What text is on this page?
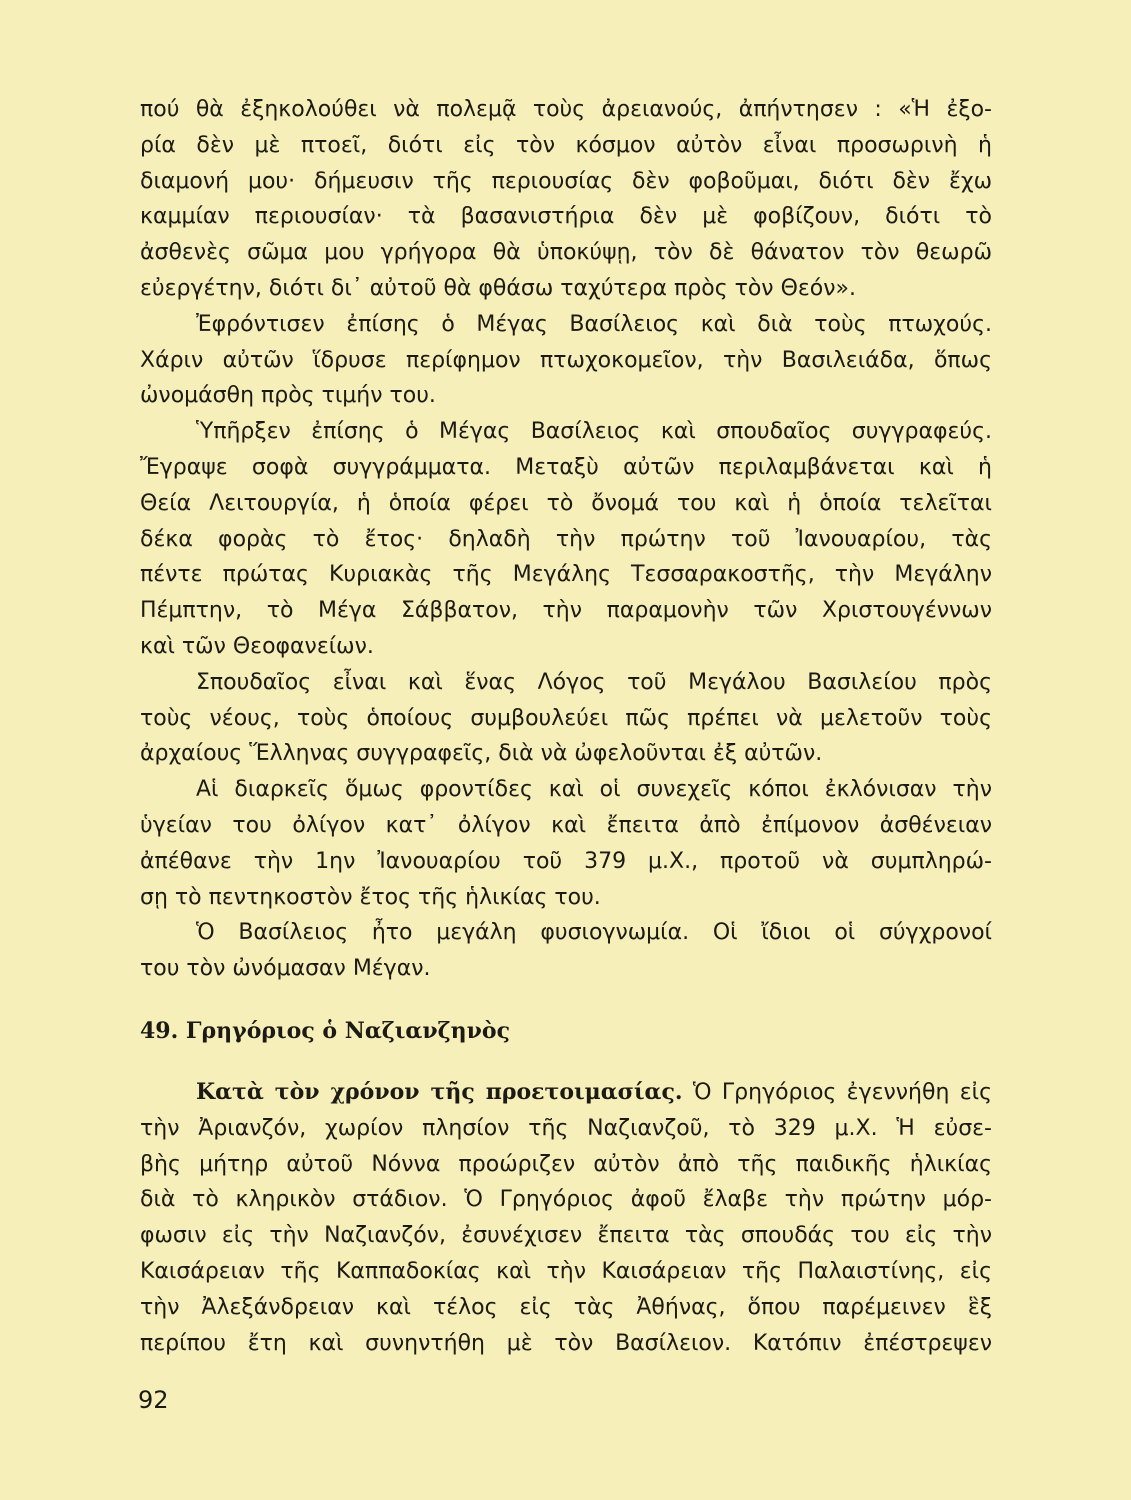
πού θὰ ἐξηκολούθει νὰ πολεμᾷ τοὺς ἀρειανούς, ἀπήντησεν : «Ἡ ἐξο-
ρία δὲν μὲ πτοεῖ, διότι εἰς τὸν κόσμον αὐτὸν εἶναι προσωρινὴ ἡ
διαμονή μου· δήμευσιν τῆς περιουσίας δὲν φοβοῦμαι, διότι δὲν ἔχω
καμμίαν περιουσίαν· τὰ βασανιστήρια δὲν μὲ φοβίζουν, διότι τὸ
ἀσθενὲς σῶμα μου γρήγορα θὰ ὑποκύψῃ, τὸν δὲ θάνατον τὸν θεωρῶ
εὐεργέτην, διότι δι᾽ αὐτοῦ θὰ φθάσω ταχύτερα πρὸς τὸν Θεόν».
Ἐφρόντισεν ἐπίσης ὁ Μέγας Βασίλειος καὶ διὰ τοὺς πτωχούς.
Χάριν αὐτῶν ἵδρυσε περίφημον πτωχοκομεῖον, τὴν Βασιλειάδα, ὅπως
ὠνομάσθη πρὸς τιμήν του.
Ὑπῆρξεν ἐπίσης ὁ Μέγας Βασίλειος καὶ σπουδαῖος συγγραφεύς.
Ἔγραψε σοφὰ συγγράμματα. Μεταξὺ αὐτῶν περιλαμβάνεται καὶ ἡ
Θεία Λειτουργία, ἡ ὁποία φέρει τὸ ὄνομά του καὶ ἡ ὁποία τελεῖται
δέκα φορὰς τὸ ἔτος· δηλαδὴ τὴν πρώτην τοῦ Ἰανουαρίου, τὰς
πέντε πρώτας Κυριακὰς τῆς Μεγάλης Τεσσαρακοστῆς, τὴν Μεγάλην
Πέμπτην, τὸ Μέγα Σάββατον, τὴν παραμονὴν τῶν Χριστουγέννων
καὶ τῶν Θεοφανείων.
Σπουδαῖος εἶναι καὶ ἕνας Λόγος τοῦ Μεγάλου Βασιλείου πρὸς
τοὺς νέους, τοὺς ὁποίους συμβουλεύει πῶς πρέπει νὰ μελετοῦν τοὺς
ἀρχαίους Ἕλληνας συγγραφεῖς, διὰ νὰ ὠφελοῦνται ἐξ αὐτῶν.
Αἱ διαρκεῖς ὅμως φροντίδες καὶ οἱ συνεχεῖς κόποι ἐκλόνισαν τὴν
ὑγείαν του ὀλίγον κατ᾽ ὀλίγον καὶ ἔπειτα ἀπὸ ἐπίμονον ἀσθένειαν
ἀπέθανε τὴν 1ην Ἰανουαρίου τοῦ 379 μ.Χ., προτοῦ νὰ συμπληρώ-
σῃ τὸ πεντηκοστὸν ἔτος τῆς ἡλικίας του.
Ὁ Βασίλειος ἦτο μεγάλη φυσιογνωμία. Οἱ ἴδιοι οἱ σύγχρονοί
του τὸν ὠνόμασαν Μέγαν.
49. Γρηγόριος ὁ Ναζιανζηνὸς
Κατὰ τὸν χρόνον τῆς προετοιμασίας. Ὁ Γρηγόριος ἐγεννήθη εἰς
τὴν Ἀριανζόν, χωρίον πλησίον τῆς Ναζιανζοῦ, τὸ 329 μ.Χ. Ἡ εὐσε-
βὴς μήτηρ αὐτοῦ Νόννα προώριζεν αὐτὸν ἀπὸ τῆς παιδικῆς ἡλικίας
διὰ τὸ κληρικὸν στάδιον. Ὁ Γρηγόριος ἀφοῦ ἔλαβε τὴν πρώτην μόρ-
φωσιν εἰς τὴν Ναζιανζόν, ἐσυνέχισεν ἔπειτα τὰς σπουδάς του εἰς τὴν
Καισάρειαν τῆς Καππαδοκίας καὶ τὴν Καισάρειαν τῆς Παλαιστίνης, εἰς
τὴν Ἀλεξάνδρειαν καὶ τέλος εἰς τὰς Ἀθήνας, ὅπου παρέμεινεν ἓξ
περίπου ἔτη καὶ συνηντήθη μὲ τὸν Βασίλειον. Κατόπιν ἐπέστρεψεν
92
